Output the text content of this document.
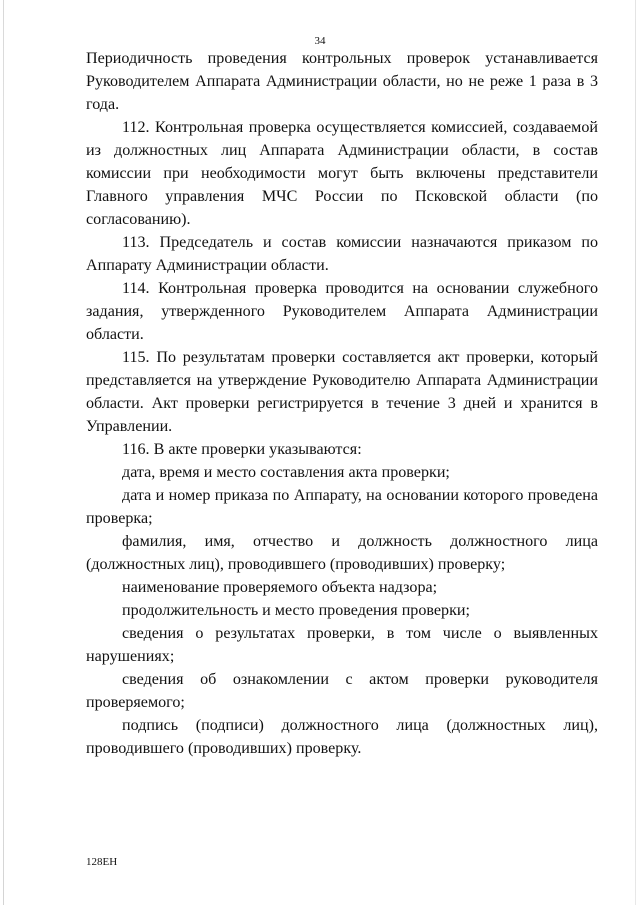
34

Периодичность проведения контрольных проверок устанавливается Руководителем Аппарата Администрации области, но не реже 1 раза в 3 года.

112. Контрольная проверка осуществляется комиссией, создаваемой из должностных лиц Аппарата Администрации области, в состав комиссии при необходимости могут быть включены представители Главного управления МЧС России по Псковской области (по согласованию).

113. Председатель и состав комиссии назначаются приказом по Аппарату Администрации области.

114. Контрольная проверка проводится на основании служебного задания, утвержденного Руководителем Аппарата Администрации области.

115. По результатам проверки составляется акт проверки, который представляется на утверждение Руководителю Аппарата Администрации области. Акт проверки регистрируется в течение 3 дней и хранится в Управлении.

116. В акте проверки указываются:

дата, время и место составления акта проверки;

дата и номер приказа по Аппарату, на основании которого проведена проверка;

фамилия, имя, отчество и должность должностного лица (должностных лиц), проводившего (проводивших) проверку;

наименование проверяемого объекта надзора;

продолжительность и место проведения проверки;

сведения о результатах проверки, в том числе о выявленных нарушениях;

сведения об ознакомлении с актом проверки руководителя проверяемого;

подпись (подписи) должностного лица (должностных лиц), проводившего (проводивших) проверку.

128ЕН
